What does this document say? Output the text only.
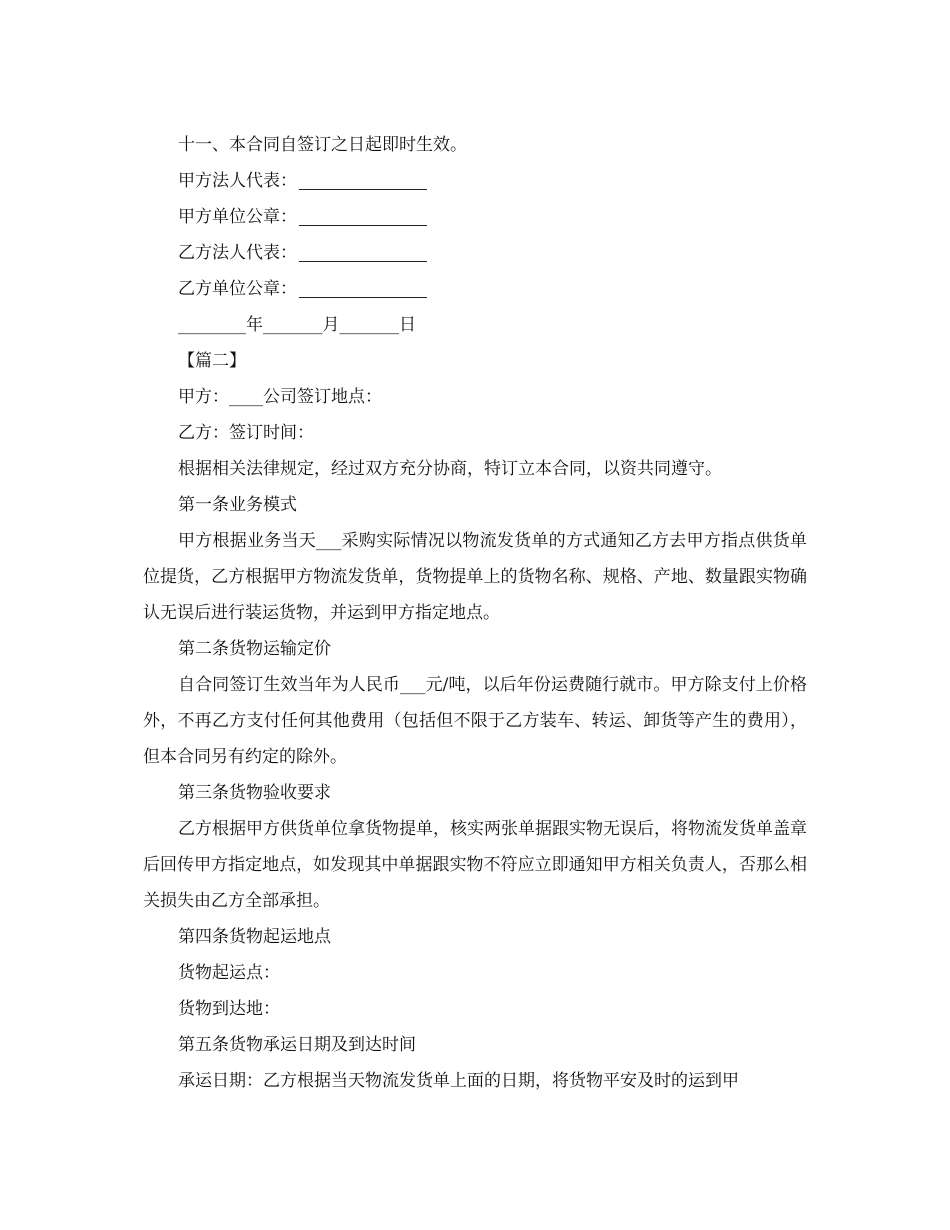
十一、本合同自签订之日起即时生效。
甲方法人代表：
甲方单位公章：
乙方法人代表：
乙方单位公章：
________年_______月_______日
【篇二】
甲方：____公司签订地点：
乙方：签订时间：
根据相关法律规定，经过双方充分协商，特订立本合同，以资共同遵守。
第一条业务模式
甲方根据业务当天___采购实际情况以物流发货单的方式通知乙方去甲方指点供货单位提货，乙方根据甲方物流发货单，货物提单上的货物名称、规格、产地、数量跟实物确认无误后进行装运货物，并运到甲方指定地点。
第二条货物运输定价
自合同签订生效当年为人民币___元/吨，以后年份运费随行就市。甲方除支付上价格外，不再乙方支付任何其他费用（包括但不限于乙方装车、转运、卸货等产生的费用），但本合同另有约定的除外。
第三条货物验收要求
乙方根据甲方供货单位拿货物提单，核实两张单据跟实物无误后，将物流发货单盖章后回传甲方指定地点，如发现其中单据跟实物不符应立即通知甲方相关负责人，否那么相关损失由乙方全部承担。
第四条货物起运地点
货物起运点：
货物到达地：
第五条货物承运日期及到达时间
承运日期：乙方根据当天物流发货单上面的日期，将货物平安及时的运到甲
